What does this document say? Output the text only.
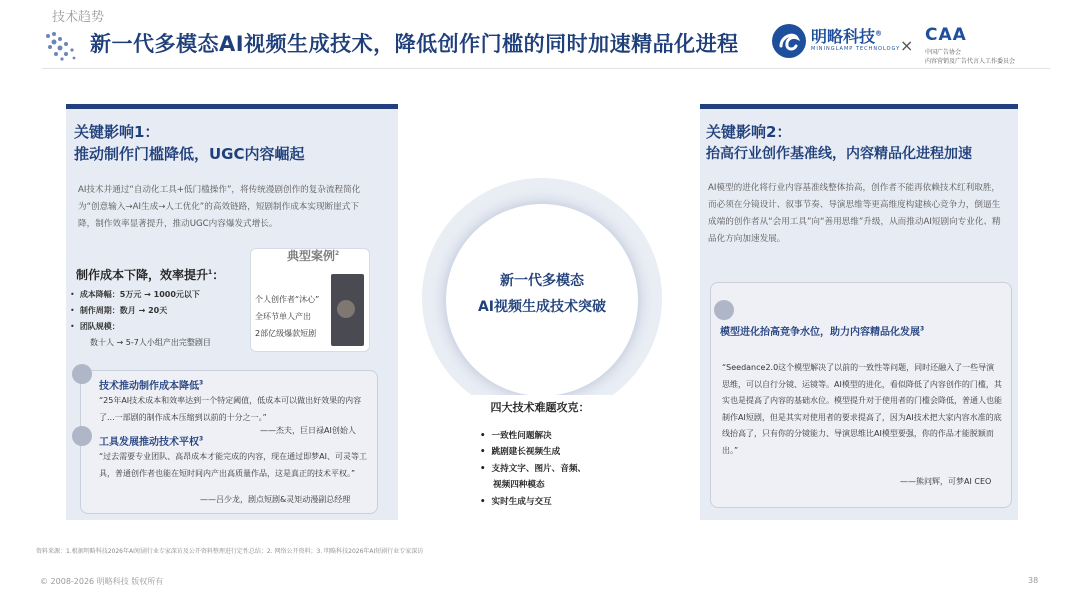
技术趋势
新一代多模态AI视频生成技术，降低创作门槛的同时加速精品化进程	明略科技®
MININGLAMP TECHNOLOGY ×
CAA
中国广告协会
内容营销及广告代言人工作委员会
关键影响1：
推动制作门槛降低，UGC内容崛起
AI技术并通过“自动化工具+低门槛操作”，将传统漫剧创作的复杂流程简化为“创意输入→AI生成→人工优化”的高效链路，短剧制作成本实现断崖式下降，制作效率显著提升，推动UGC内容爆发式增长。
制作成本下降，效率提升$^1$：
•  成本降幅：5万元 → 1000元以下
•  制作周期：数月 → 20天
•  团队规模：
数十人 → 5-7人小组产出完整剧目
典型案例$^2$
个人创作者“沐心”
全环节单人产出
2部亿级爆款短剧
技术推动制作成本降低$^3$
“25年AI技术成本和效率达到一个特定阈值，低成本可以做出好效果的内容了...一部剧的制作成本压缩到以前的十分之一。”
——杰夫，巨日禄AI创始人
工具发展推动技术平权$^3$
“过去需要专业团队、高昂成本才能完成的内容，现在通过即梦AI、可灵等工具，普通创作者也能在短时间内产出高质量作品，这是真正的技术平权。”
——吕少龙，剧点短剧&灵矩动漫副总经理
新一代多模态
AI视频生成技术突破
四大技术难题攻克：
•  一致性问题解决
•  跳剧建长视频生成
•  支持文字、图片、音频、
视频四种模态
•  实时生成与交互
关键影响2：
抬高行业创作基准线，内容精品化进程加速
AI模型的进化将行业内容基准线整体抬高，创作者不能再依赖技术红利取胜，而必须在分镜设计、叙事节奏、导演思维等更高维度构建核心竞争力，倒逼生成端的创作者从“会用工具”向“善用思维”升级，从而推动AI短剧向专业化、精品化方向加速发展。
模型进化抬高竞争水位，助力内容精品化发展$^3$
“Seedance2.0这个模型解决了以前的一致性等问题，同时还融入了一些导演思维，可以自行分镜、运镜等。AI模型的进化，看似降低了内容创作的门槛，其实也是提高了内容的基础水位。模型提升对于使用者的门槛会降低，普通人也能制作AI短剧，但是其实对使用者的要求提高了，因为AI技术把大家内容水准的底线抬高了，只有你的分镜能力、导演思维比AI模型要强，你的作品才能脱颖而出。”
——熊问辉，可梦AI CEO
资料来源：1.根据明略科技2026年AI短剧行业专家深访及公开资料整理进行定性总结；2. 网络公开资料；3. 明略科技2026年AI短剧行业专家深访
© 2008-2026 明略科技 版权所有	38
